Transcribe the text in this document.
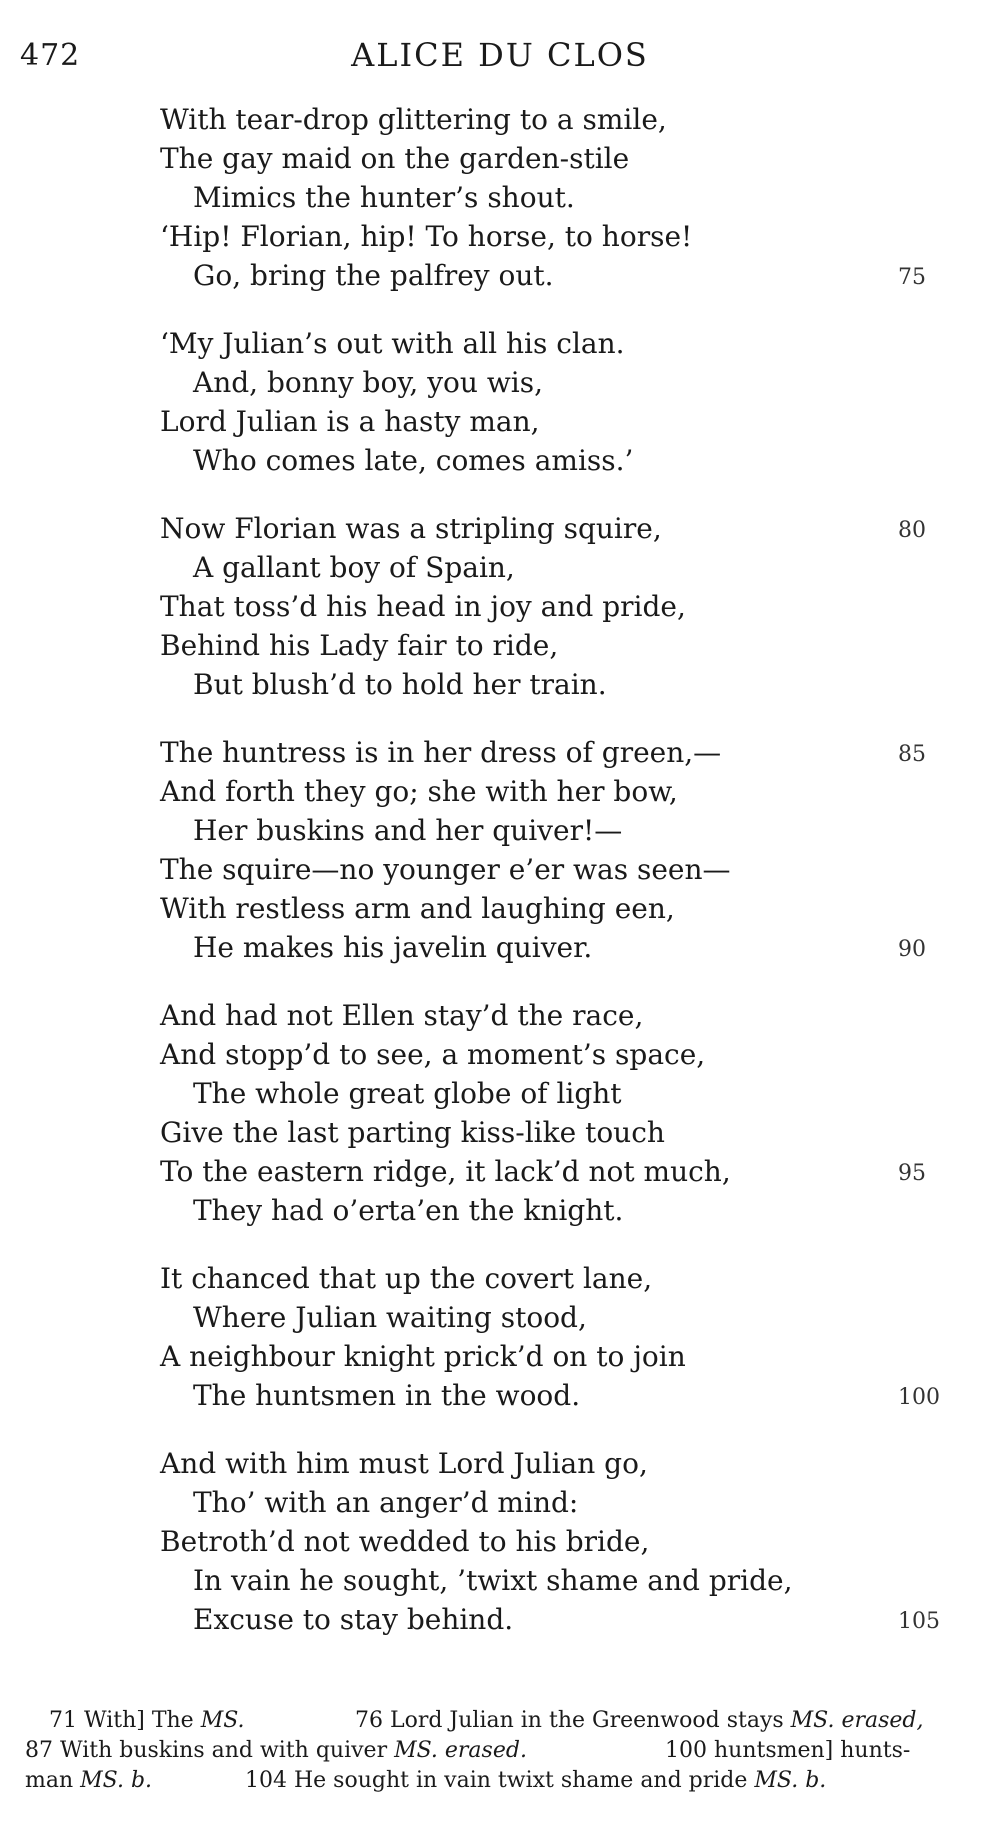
472	ALICE DU CLOS
With tear-drop glittering to a smile,
The gay maid on the garden-stile
Mimics the hunter’s shout.
‘Hip! Florian, hip! To horse, to horse!
Go, bring the palfrey out.	75
‘My Julian’s out with all his clan.
And, bonny boy, you wis,
Lord Julian is a hasty man,
Who comes late, comes amiss.’
Now Florian was a stripling squire,	80
A gallant boy of Spain,
That toss’d his head in joy and pride,
Behind his Lady fair to ride,
But blush’d to hold her train.
The huntress is in her dress of green,—	85
And forth they go; she with her bow,
Her buskins and her quiver!—
The squire—no younger e’er was seen—
With restless arm and laughing een,
He makes his javelin quiver.	90
And had not Ellen stay’d the race,
And stopp’d to see, a moment’s space,
The whole great globe of light
Give the last parting kiss-like touch
To the eastern ridge, it lack’d not much,	95
They had o’erta’en the knight.
It chanced that up the covert lane,
Where Julian waiting stood,
A neighbour knight prick’d on to join
The huntsmen in the wood.	100
And with him must Lord Julian go,
Tho’ with an anger’d mind:
Betroth’d not wedded to his bride,
In vain he sought, ’twixt shame and pride,
Excuse to stay behind.	105
71 With] The MS.	76 Lord Julian in the Greenwood stays MS. erased,
87 With buskins and with quiver MS. erased.	100 huntsmen] hunts-
man MS. b.	104 He sought in vain twixt shame and pride MS. b.
